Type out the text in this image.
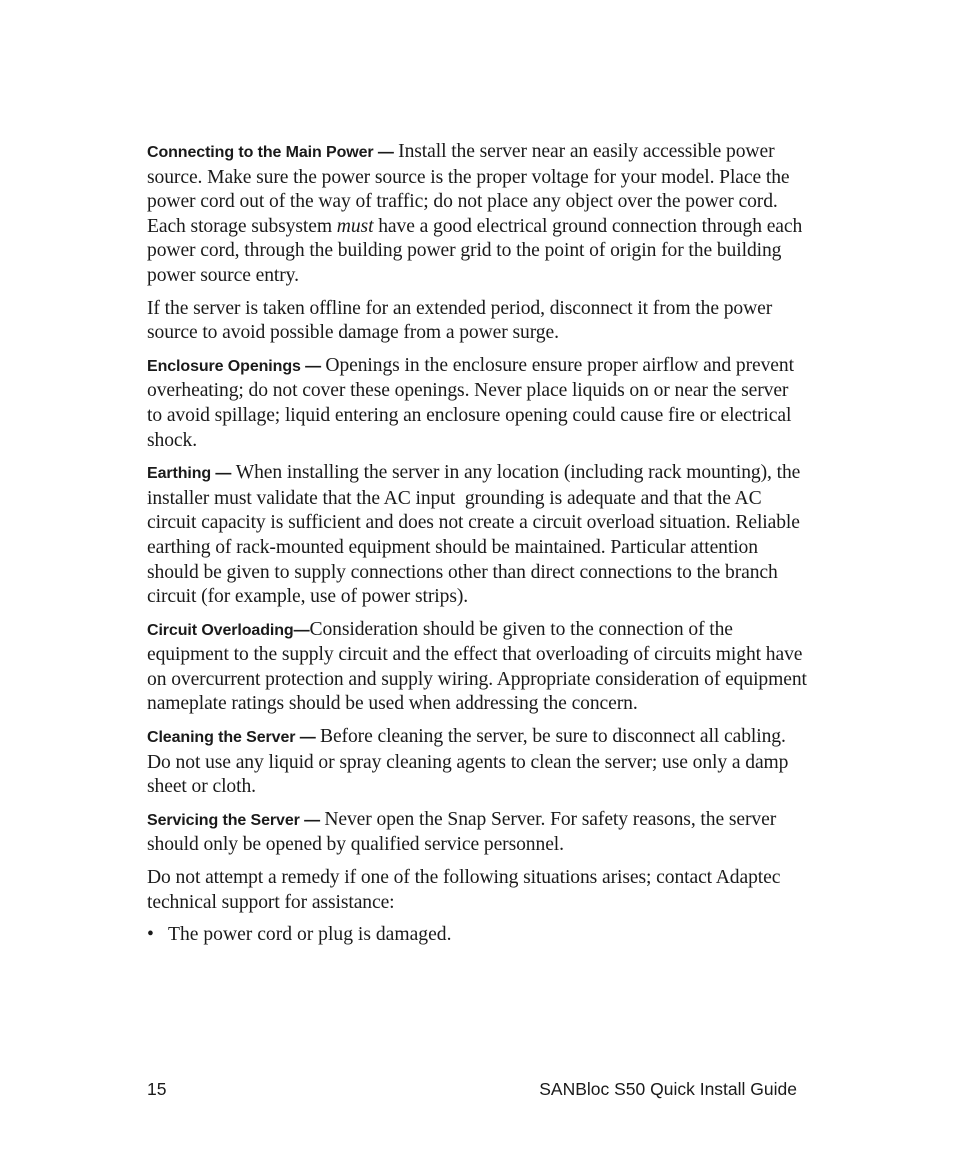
Connecting to the Main Power — Install the server near an easily accessible power source. Make sure the power source is the proper voltage for your model. Place the power cord out of the way of traffic; do not place any object over the power cord. Each storage subsystem must have a good electrical ground connection through each power cord, through the building power grid to the point of origin for the building power source entry.

If the server is taken offline for an extended period, disconnect it from the power source to avoid possible damage from a power surge.

Enclosure Openings — Openings in the enclosure ensure proper airflow and prevent overheating; do not cover these openings. Never place liquids on or near the server to avoid spillage; liquid entering an enclosure opening could cause fire or electrical shock.

Earthing — When installing the server in any location (including rack mounting), the installer must validate that the AC input  grounding is adequate and that the AC circuit capacity is sufficient and does not create a circuit overload situation. Reliable earthing of rack-mounted equipment should be maintained. Particular attention should be given to supply connections other than direct connections to the branch circuit (for example, use of power strips).

Circuit Overloading—Consideration should be given to the connection of the equipment to the supply circuit and the effect that overloading of circuits might have on overcurrent protection and supply wiring. Appropriate consideration of equipment nameplate ratings should be used when addressing the concern.

Cleaning the Server — Before cleaning the server, be sure to disconnect all cabling. Do not use any liquid or spray cleaning agents to clean the server; use only a damp sheet or cloth.

Servicing the Server — Never open the Snap Server. For safety reasons, the server should only be opened by qualified service personnel.

Do not attempt a remedy if one of the following situations arises; contact Adaptec technical support for assistance:

• The power cord or plug is damaged.
15	SANBloc S50 Quick Install Guide
